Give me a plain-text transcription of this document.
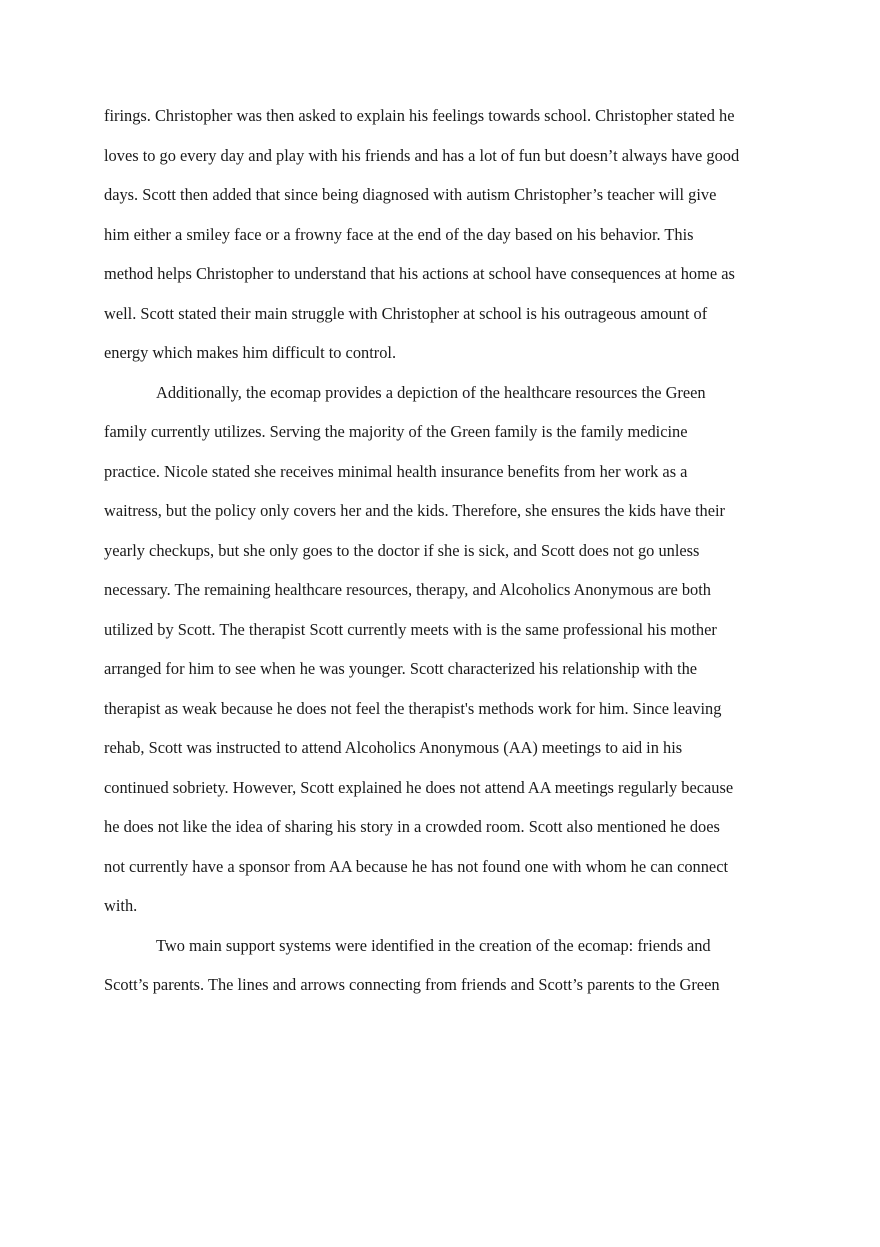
firings. Christopher was then asked to explain his feelings towards school. Christopher stated he
loves to go every day and play with his friends and has a lot of fun but doesn’t always have good
days. Scott then added that since being diagnosed with autism Christopher’s teacher will give
him either a smiley face or a frowny face at the end of the day based on his behavior. This
method helps Christopher to understand that his actions at school have consequences at home as
well. Scott stated their main struggle with Christopher at school is his outrageous amount of
energy which makes him difficult to control.
Additionally, the ecomap provides a depiction of the healthcare resources the Green
family currently utilizes. Serving the majority of the Green family is the family medicine
practice. Nicole stated she receives minimal health insurance benefits from her work as a
waitress, but the policy only covers her and the kids. Therefore, she ensures the kids have their
yearly checkups, but she only goes to the doctor if she is sick, and Scott does not go unless
necessary. The remaining healthcare resources, therapy, and Alcoholics Anonymous are both
utilized by Scott. The therapist Scott currently meets with is the same professional his mother
arranged for him to see when he was younger. Scott characterized his relationship with the
therapist as weak because he does not feel the therapist's methods work for him. Since leaving
rehab, Scott was instructed to attend Alcoholics Anonymous (AA) meetings to aid in his
continued sobriety. However, Scott explained he does not attend AA meetings regularly because
he does not like the idea of sharing his story in a crowded room. Scott also mentioned he does
not currently have a sponsor from AA because he has not found one with whom he can connect
with.
Two main support systems were identified in the creation of the ecomap: friends and
Scott’s parents. The lines and arrows connecting from friends and Scott’s parents to the Green
